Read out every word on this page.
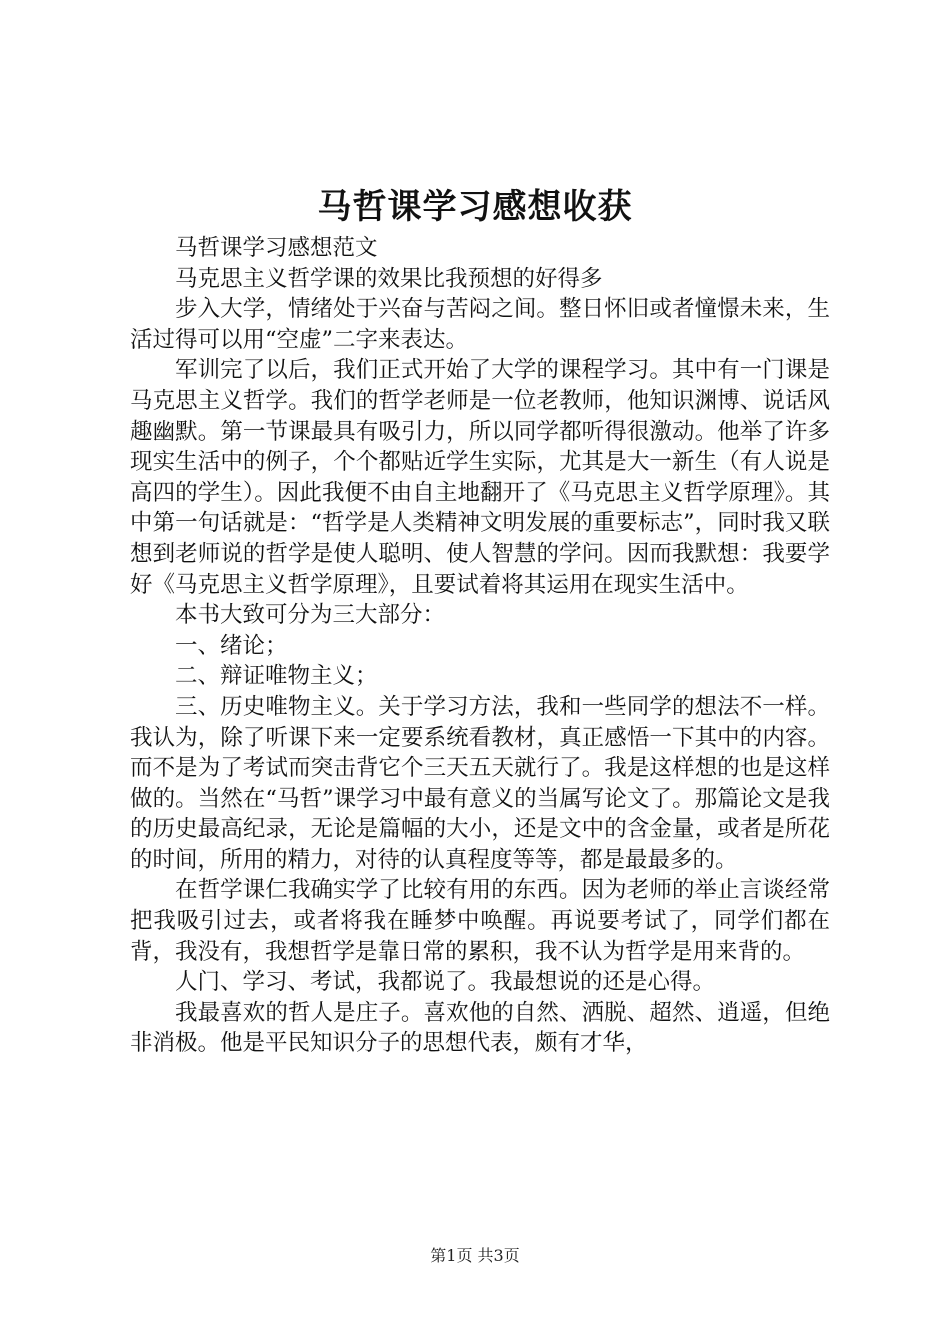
马哲课学习感想收获

马哲课学习感想范文

马克思主义哲学课的效果比我预想的好得多

步入大学，情绪处于兴奋与苦闷之间。整日怀旧或者憧憬未来，生活过得可以用“空虚”二字来表达。

军训完了以后，我们正式开始了大学的课程学习。其中有一门课是马克思主义哲学。我们的哲学老师是一位老教师，他知识渊博、说话风趣幽默。第一节课最具有吸引力，所以同学都听得很激动。他举了许多现实生活中的例子，个个都贴近学生实际，尤其是大一新生（有人说是高四的学生）。因此我便不由自主地翻开了《马克思主义哲学原理》。其中第一句话就是：“哲学是人类精神文明发展的重要标志”，同时我又联想到老师说的哲学是使人聪明、使人智慧的学问。因而我默想：我要学好《马克思主义哲学原理》，且要试着将其运用在现实生活中。

本书大致可分为三大部分：

一、绪论；

二、辩证唯物主义；

三、历史唯物主义。关于学习方法，我和一些同学的想法不一样。我认为，除了听课下来一定要系统看教材，真正感悟一下其中的内容。而不是为了考试而突击背它个三天五天就行了。我是这样想的也是这样做的。当然在“马哲”课学习中最有意义的当属写论文了。那篇论文是我的历史最高纪录，无论是篇幅的大小，还是文中的含金量，或者是所花的时间，所用的精力，对待的认真程度等等，都是最最多的。

在哲学课仁我确实学了比较有用的东西。因为老师的举止言谈经常把我吸引过去，或者将我在睡梦中唤醒。再说要考试了，同学们都在背，我没有，我想哲学是靠日常的累积，我不认为哲学是用来背的。

人门、学习、考试，我都说了。我最想说的还是心得。

我最喜欢的哲人是庄子。喜欢他的自然、洒脱、超然、逍遥，但绝非消极。他是平民知识分子的思想代表，颇有才华，

第1页 共3页
